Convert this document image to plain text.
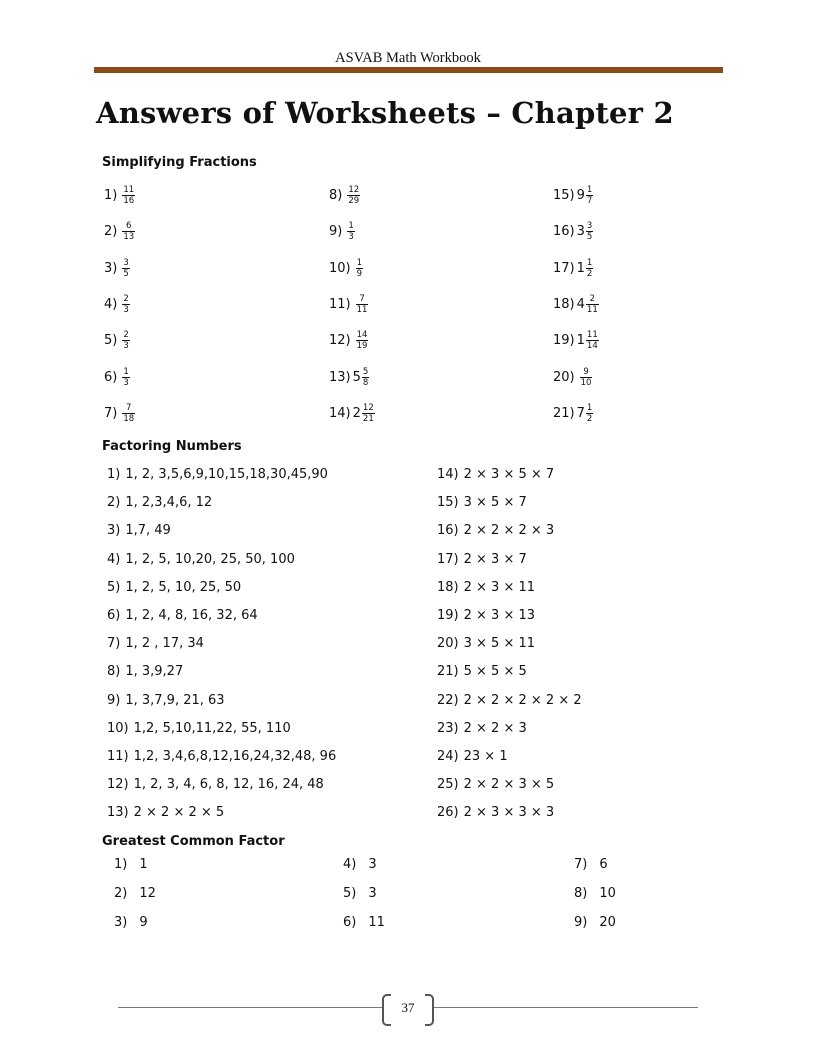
ASVAB Math Workbook
Answers of Worksheets – Chapter 2
Simplifying Fractions
$1) \frac{11}{16}$
$2) \frac{6}{13}$
$3) \frac{3}{5}$
$4) \frac{2}{3}$
$5) \frac{2}{3}$
$6) \frac{1}{3}$
$7) \frac{7}{18}$
$8) \frac{12}{29}$
$9) \frac{1}{3}$
$10) \frac{1}{9}$
$11) \frac{7}{11}$
$12) \frac{14}{19}$
13) $5 \frac{5}{8}$
14) $2 \frac{12}{21}$
15) $9 \frac{1}{7}$
16) $3 \frac{3}{5}$
17) $1 \frac{1}{2}$
18) $4 \frac{2}{11}$
19) $1 \frac{11}{14}$
$20) \frac{9}{10}$
21) $7 \frac{1}{2}$
Factoring Numbers
1) 1, 2, 3,5,6,9,10,15,18,30,45,90
2) 1, 2,3,4,6, 12
3) 1,7, 49
4) 1, 2, 5, 10,20, 25, 50, 100
5) 1, 2, 5, 10, 25, 50
6) 1, 2, 4, 8, 16, 32, 64
7) 1, 2 , 17, 34
8) 1, 3,9,27
9) 1, 3,7,9, 21, 63
10) 1,2, 5,10,11,22, 55, 110
11) 1,2, 3,4,6,8,12,16,24,32,48, 96
12) 1, 2, 3, 4, 6, 8, 12, 16, 24, 48
13) 2 × 2 × 2 × 5
14) 2 × 3 × 5 × 7
15) 3 × 5 × 7
16) 2 × 2 × 2 × 3
17) 2 × 3 × 7
18) 2 × 3 × 11
19) 2 × 3 × 13
20) 3 × 5 × 11
21) 5 × 5 × 5
22) 2 × 2 × 2 × 2 × 2
23) 2 × 2 × 3
24) 23 × 1
25) 2 × 2 × 3 × 5
26) 2 × 3 × 3 × 3
Greatest Common Factor
1) 1
2) 12
3) 9
4) 3
5) 3
6) 11
7) 6
8) 10
9) 20
37
